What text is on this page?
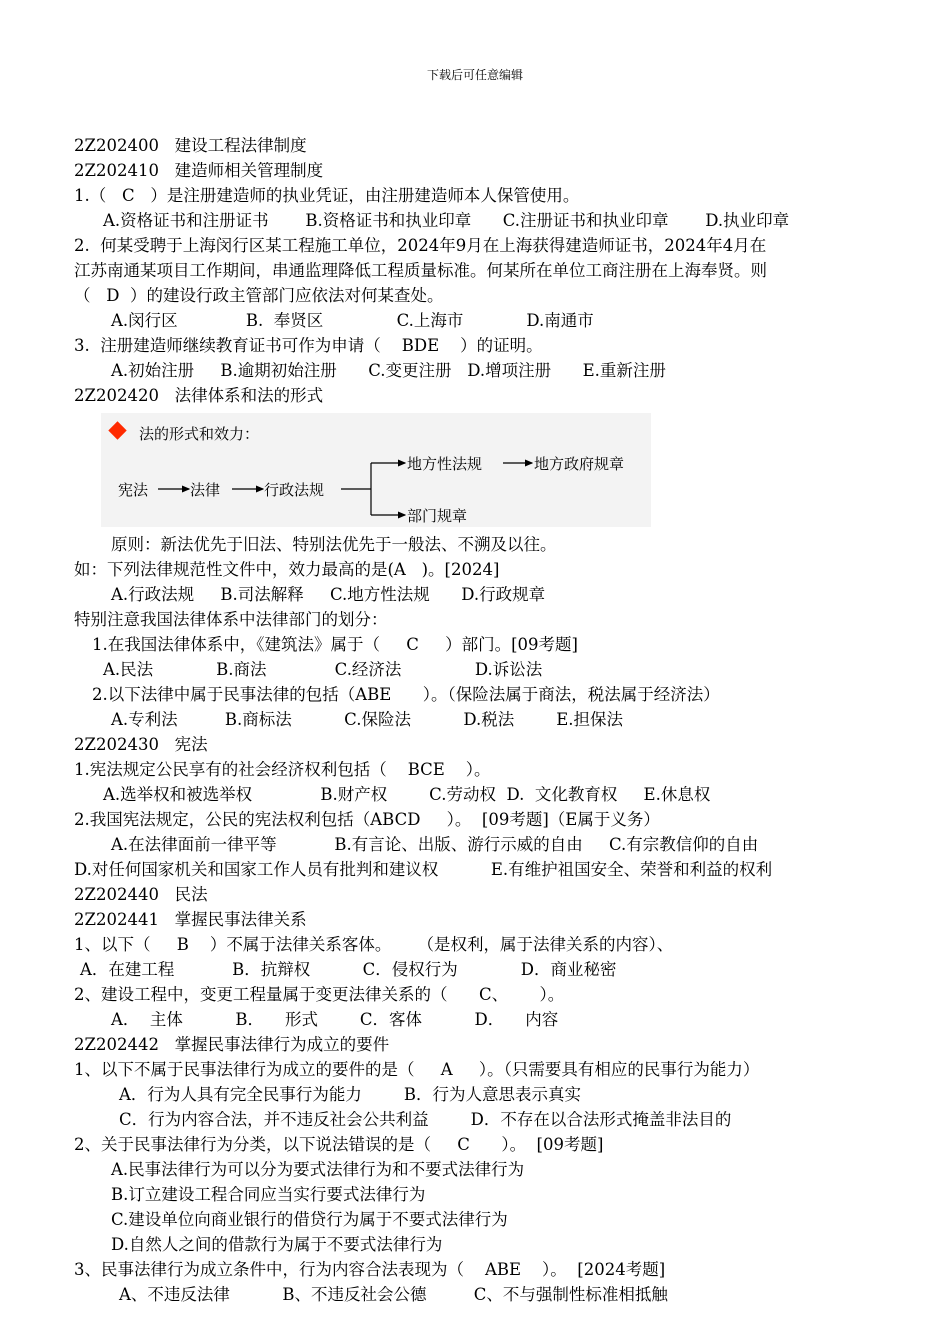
下载后可任意编辑
2Z202400   建设工程法律制度
2Z202410   建造师相关管理制度
1.（   C   ）是注册建造师的执业凭证，由注册建造师本人保管使用。
A.资格证书和注册证书       B.资格证书和执业印章      C.注册证书和执业印章       D.执业印章
2.  何某受聘于上海闵行区某工程施工单位，2024年9月在上海获得建造师证书，2024年4月在
江苏南通某项目工作期间，串通监理降低工程质量标准。何某所在单位工商注册在上海奉贤。则
（   D  ）的建设行政主管部门应依法对何某查处。
A.闵行区             B.  奉贤区              C.上海市            D.南通市
3.  注册建造师继续教育证书可作为申请（    BDE    ）的证明。
A.初始注册     B.逾期初始注册      C.变更注册   D.增项注册      E.重新注册
2Z202420   法律体系和法的形式
法的形式和效力：
宪法	法律	行政法规
地方性法规	地方政府规章
部门规章
原则：新法优先于旧法、特别法优先于一般法、不溯及以往。
如：下列法律规范性文件中，效力最高的是(A   )。[2024]
A.行政法规     B.司法解释     C.地方性法规      D.行政规章
特别注意我国法律体系中法律部门的划分：
1.在我国法律体系中，《建筑法》属于（     C     ）部门。[09考题]
A.民法            B.商法             C.经济法              D.诉讼法
2.以下法律中属于民事法律的包括（ABE      ）。（保险法属于商法，税法属于经济法）
A.专利法         B.商标法          C.保险法          D.税法        E.担保法
2Z202430   宪法
1.宪法规定公民享有的社会经济权利包括（    BCE    ）。
A.选举权和被选举权             B.财产权        C.劳动权  D.  文化教育权     E.休息权
2.我国宪法规定，公民的宪法权利包括（ABCD     ）。  [09考题]（E属于义务）
A.在法律面前一律平等           B.有言论、出版、游行示威的自由     C.有宗教信仰的自由
D.对任何国家机关和国家工作人员有批判和建议权          E.有维护祖国安全、荣誉和利益的权利
2Z202440   民法
2Z202441   掌握民事法律关系
1、以下（     B    ）不属于法律关系客体。     （是权利，属于法律关系的内容）、
A．在建工程           B．抗辩权          C．侵权行为            D．商业秘密
2、建设工程中，变更工程量属于变更法律关系的（      C、      ）。
A．  主体          B．    形式        C．客体          D．    内容
2Z202442   掌握民事法律行为成立的要件
1、以下不属于民事法律行为成立的要件的是（     A     ）。（只需要具有相应的民事行为能力）
A．行为人具有完全民事行为能力        B．行为人意思表示真实
C．行为内容合法，并不违反社会公共利益        D．不存在以合法形式掩盖非法目的
2、关于民事法律行为分类，以下说法错误的是（     C      ）。  [09考题]
A.民事法律行为可以分为要式法律行为和不要式法律行为
B.订立建设工程合同应当实行要式法律行为
C.建设单位向商业银行的借贷行为属于不要式法律行为
D.自然人之间的借款行为属于不要式法律行为
3、民事法律行为成立条件中，行为内容合法表现为（    ABE    ）。  [2024考题]
A、不违反法律          B、不违反社会公德         C、不与强制性标准相抵触
